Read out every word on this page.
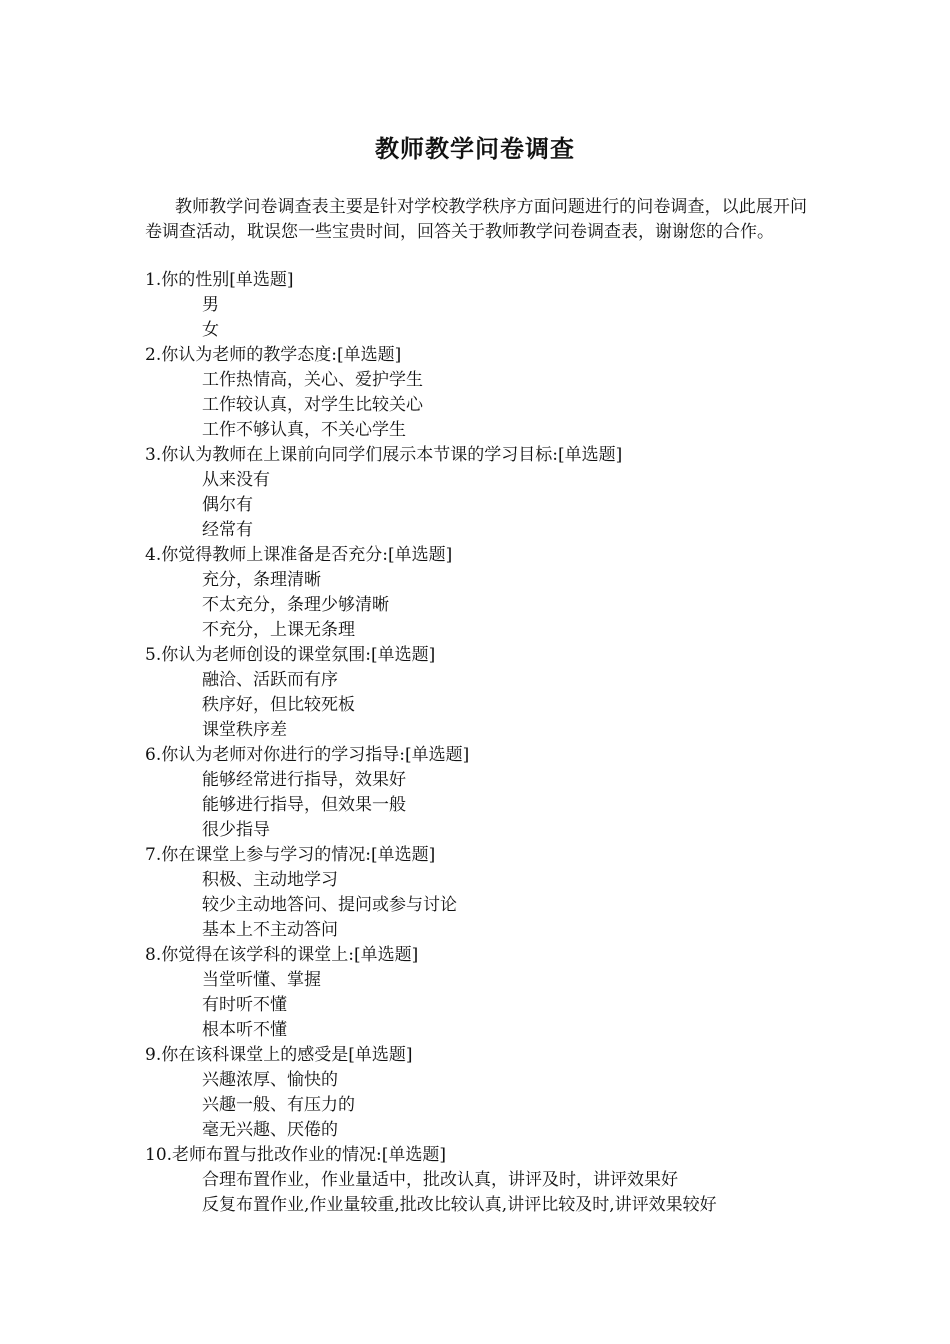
教师教学问卷调查

教师教学问卷调查表主要是针对学校教学秩序方面问题进行的问卷调查，以此展开问卷调查活动，耽误您一些宝贵时间，回答关于教师教学问卷调查表，谢谢您的合作。

1.你的性别[单选题]
男
女
2.你认为老师的教学态度:[单选题]
工作热情高，关心、爱护学生
工作较认真，对学生比较关心
工作不够认真，不关心学生
3.你认为教师在上课前向同学们展示本节课的学习目标:[单选题]
从来没有
偶尔有
经常有
4.你觉得教师上课准备是否充分:[单选题]
充分，条理清晰
不太充分，条理少够清晰
不充分，上课无条理
5.你认为老师创设的课堂氛围:[单选题]
融洽、活跃而有序
秩序好，但比较死板
课堂秩序差
6.你认为老师对你进行的学习指导:[单选题]
能够经常进行指导，效果好
能够进行指导，但效果一般
很少指导
7.你在课堂上参与学习的情况:[单选题]
积极、主动地学习
较少主动地答问、提问或参与讨论
基本上不主动答问
8.你觉得在该学科的课堂上:[单选题]
当堂听懂、掌握
有时听不懂
根本听不懂
9.你在该科课堂上的感受是[单选题]
兴趣浓厚、愉快的
兴趣一般、有压力的
毫无兴趣、厌倦的
10.老师布置与批改作业的情况:[单选题]
合理布置作业，作业量适中，批改认真，讲评及时，讲评效果好
反复布置作业,作业量较重,批改比较认真,讲评比较及时,讲评效果较好
